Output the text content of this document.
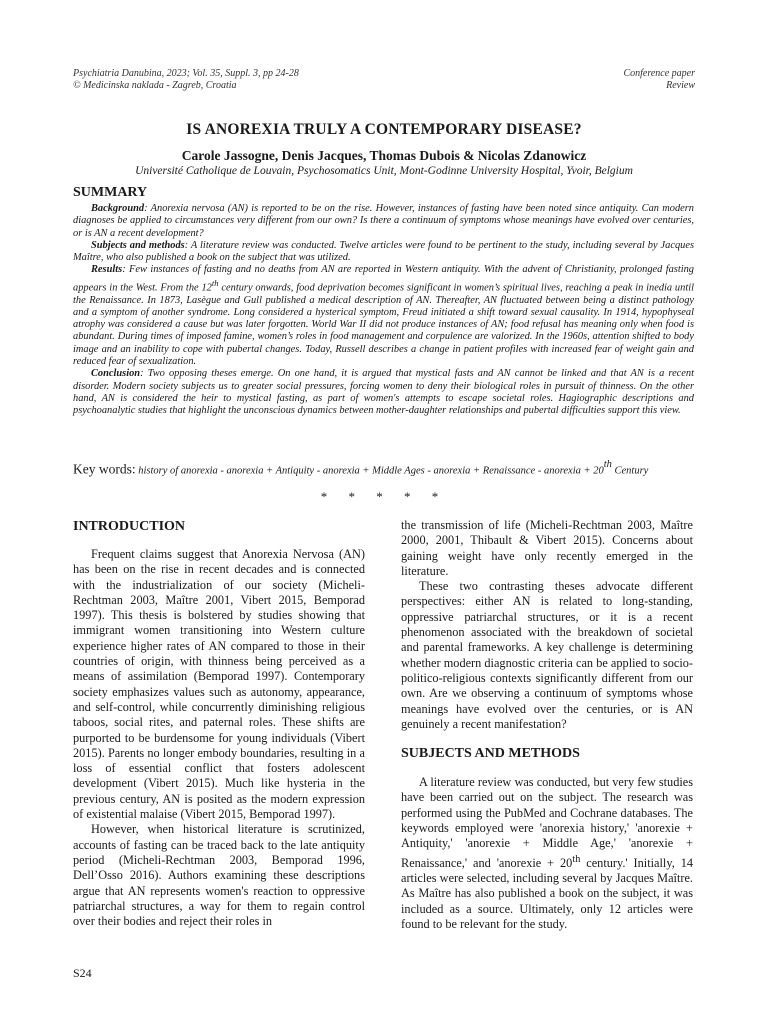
Psychiatria Danubina, 2023; Vol. 35, Suppl. 3, pp 24-28
© Medicinska naklada - Zagreb, Croatia
Conference paper
Review
IS ANOREXIA TRULY A CONTEMPORARY DISEASE?
Carole Jassogne, Denis Jacques, Thomas Dubois & Nicolas Zdanowicz
Université Catholique de Louvain, Psychosomatics Unit, Mont-Godinne University Hospital, Yvoir, Belgium
SUMMARY

Background: Anorexia nervosa (AN) is reported to be on the rise. However, instances of fasting have been noted since antiquity. Can modern diagnoses be applied to circumstances very different from our own? Is there a continuum of symptoms whose meanings have evolved over centuries, or is AN a recent development?

Subjects and methods: A literature review was conducted. Twelve articles were found to be pertinent to the study, including several by Jacques Maître, who also published a book on the subject that was utilized.

Results: Few instances of fasting and no deaths from AN are reported in Western antiquity. With the advent of Christianity, prolonged fasting appears in the West. From the 12th century onwards, food deprivation becomes significant in women’s spiritual lives, reaching a peak in inedia until the Renaissance. In 1873, Lasègue and Gull published a medical description of AN. Thereafter, AN fluctuated between being a distinct pathology and a symptom of another syndrome. Long considered a hysterical symptom, Freud initiated a shift toward sexual causality. In 1914, hypophyseal atrophy was considered a cause but was later forgotten. World War II did not produce instances of AN; food refusal has meaning only when food is abundant. During times of imposed famine, women’s roles in food management and corpulence are valorized. In the 1960s, attention shifted to body image and an inability to cope with pubertal changes. Today, Russell describes a change in patient profiles with increased fear of weight gain and reduced fear of sexualization.

Conclusion: Two opposing theses emerge. On one hand, it is argued that mystical fasts and AN cannot be linked and that AN is a recent disorder. Modern society subjects us to greater social pressures, forcing women to deny their biological roles in pursuit of thinness. On the other hand, AN is considered the heir to mystical fasting, as part of women's attempts to escape societal roles. Hagiographic descriptions and psychoanalytic studies that highlight the unconscious dynamics between mother-daughter relationships and pubertal difficulties support this view.

Key words: history of anorexia - anorexia + Antiquity - anorexia + Middle Ages - anorexia + Renaissance - anorexia + 20th Century
* * * * *
INTRODUCTION

Frequent claims suggest that Anorexia Nervosa (AN) has been on the rise in recent decades and is connected with the industrialization of our society (Micheli-Rechtman 2003, Maître 2001, Vibert 2015, Bemporad 1997). This thesis is bolstered by studies showing that immigrant women transitioning into Western culture experience higher rates of AN compared to those in their countries of origin, with thinness being perceived as a means of assimilation (Bemporad 1997). Contemporary society emphasizes values such as autonomy, appearance, and self-control, while concurrently diminishing religious taboos, social rites, and paternal roles. These shifts are purported to be burdensome for young individuals (Vibert 2015). Parents no longer embody boundaries, resulting in a loss of essential conflict that fosters adolescent development (Vibert 2015). Much like hysteria in the previous century, AN is posited as the modern expression of existential malaise (Vibert 2015, Bemporad 1997).

However, when historical literature is scrutinized, accounts of fasting can be traced back to the late antiquity period (Micheli-Rechtman 2003, Bemporad 1996, Dell’Osso 2016). Authors examining these descriptions argue that AN represents women's reaction to oppressive patriarchal structures, a way for them to regain control over their bodies and reject their roles in

the transmission of life (Micheli-Rechtman 2003, Maître 2000, 2001, Thibault & Vibert 2015). Concerns about gaining weight have only recently emerged in the literature.

These two contrasting theses advocate different perspectives: either AN is related to long-standing, oppressive patriarchal structures, or it is a recent phenomenon associated with the breakdown of societal and parental frameworks. A key challenge is determining whether modern diagnostic criteria can be applied to socio-politico-religious contexts significantly different from our own. Are we observing a continuum of symptoms whose meanings have evolved over the centuries, or is AN genuinely a recent manifestation?

SUBJECTS AND METHODS

A literature review was conducted, but very few studies have been carried out on the subject. The research was performed using the PubMed and Cochrane databases. The keywords employed were 'anorexia history,' 'anorexie + Antiquity,' 'anorexie + Middle Age,' 'anorexie + Renaissance,' and 'anorexie + 20th century.' Initially, 14 articles were selected, including several by Jacques Maître. As Maître has also published a book on the subject, it was included as a source. Ultimately, only 12 articles were found to be relevant for the study.

S24
